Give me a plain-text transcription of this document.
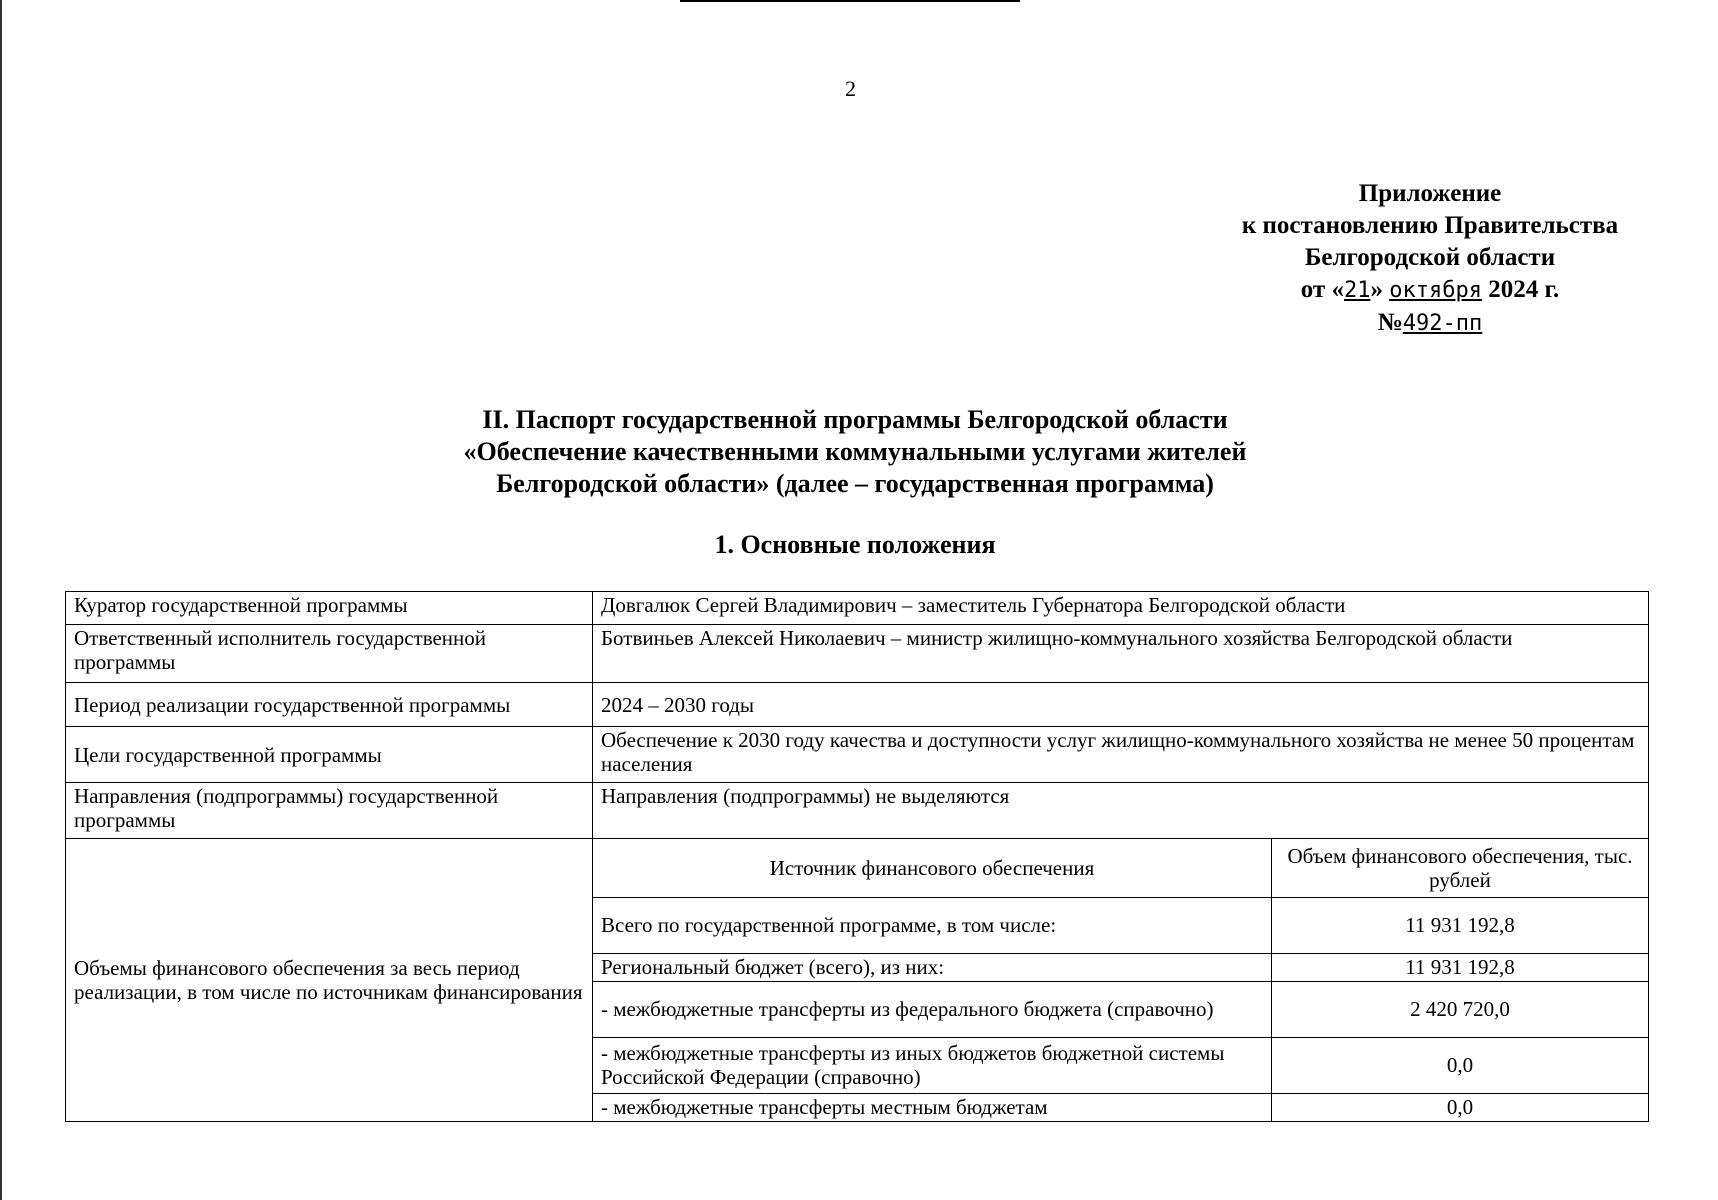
2
Приложение
к постановлению Правительства
Белгородской области
от «21» октября 2024 г.
№492-пп
II. Паспорт государственной программы Белгородской области
«Обеспечение качественными коммунальными услугами жителей
Белгородской области» (далее – государственная программа)
1. Основные положения
Куратор государственной программы	Довгалюк Сергей Владимирович – заместитель Губернатора Белгородской области
Ответственный исполнитель государственной программы	Ботвиньев Алексей Николаевич – министр жилищно-коммунального хозяйства Белгородской области
Период реализации государственной программы	2024 – 2030 годы
Цели государственной программы	Обеспечение к 2030 году качества и доступности услуг жилищно-коммунального хозяйства не менее 50 процентам населения
Направления (подпрограммы) государственной программы	Направления (подпрограммы) не выделяются
Объемы финансового обеспечения за весь период реализации, в том числе по источникам финансирования	
Источник финансового обеспечения	Объем финансового обеспечения, тыс. рублей
Всего по государственной программе, в том числе:	11 931 192,8
Региональный бюджет (всего), из них:	11 931 192,8
- межбюджетные трансферты из федерального бюджета (справочно)	2 420 720,0
- межбюджетные трансферты из иных бюджетов бюджетной системы Российской Федерации (справочно)	0,0
- межбюджетные трансферты местным бюджетам	0,0
